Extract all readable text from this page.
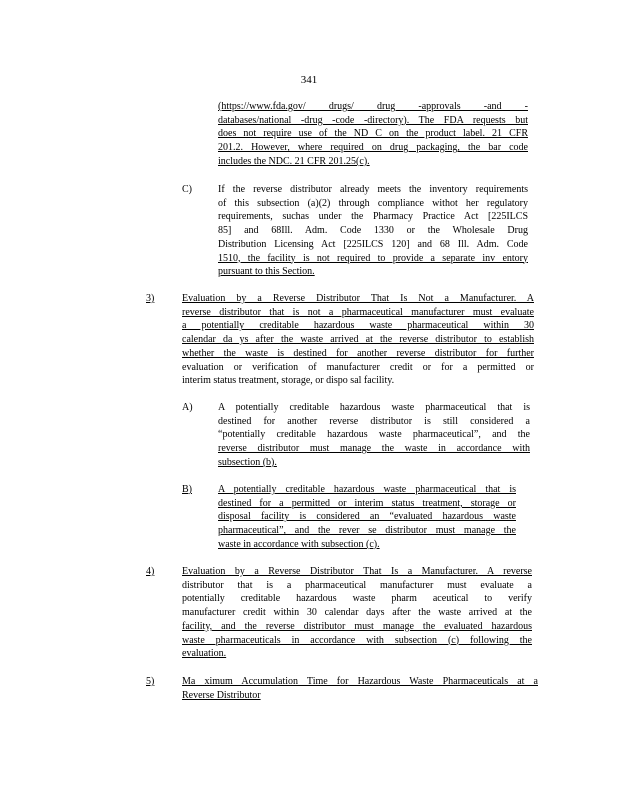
341
(https://www.fda.gov/ drugs/ drug -approvals -and -
databases/national -drug -code -directory). The FDA requests but
does not require use of the ND C on the product label. 21 CFR
201.2. However, where required on drug packaging, the bar code
includes the NDC. 21 CFR 201.25(c).
C)	If the reverse distributor already meets the inventory requirements
of this subsection (a)(2) through compliance withot her regulatory
requirements, suchas under the Pharmacy Practice Act [225ILCS
85] and 68Ill. Adm. Code 1330 or the Wholesale Drug
Distribution Licensing Act [225ILCS 120] and 68 Ill. Adm. Code
1510, the facility is not required to provide a separate inv entory
pursuant to this Section.
3)	Evaluation by a Reverse Distributor That Is Not a Manufacturer. A
reverse distributor that is not a pharmaceutical manufacturer must evaluate
a potentially creditable hazardous waste pharmaceutical within 30
calendar da ys after the waste arrived at the reverse distributor to establish
whether the waste is destined for another reverse distributor for further
evaluation or verification of manufacturer credit or for a permitted or
interim status treatment, storage, or dispo sal facility.
A)	A potentially creditable hazardous waste pharmaceutical that is
destined for another reverse distributor is still considered a
“potentially creditable hazardous waste pharmaceutical”, and the
reverse distributor must manage the waste in accordance with
subsection (b).
B)	A potentially creditable hazardous waste pharmaceutical that is
destined for a permitted or interim status treatment, storage or
disposal facility is considered an “evaluated hazardous waste
pharmaceutical”, and the rever se distributor must manage the
waste in accordance with subsection (c).
4)	Evaluation by a Reverse Distributor That Is a Manufacturer. A reverse
distributor that is a pharmaceutical manufacturer must evaluate a
potentially creditable hazardous waste pharm aceutical to verify
manufacturer credit within 30 calendar days after the waste arrived at the
facility, and the reverse distributor must manage the evaluated hazardous
waste pharmaceuticals in accordance with subsection (c) following the
evaluation.
5)	Ma ximum Accumulation Time for Hazardous Waste Pharmaceuticals at a
Reverse Distributor
